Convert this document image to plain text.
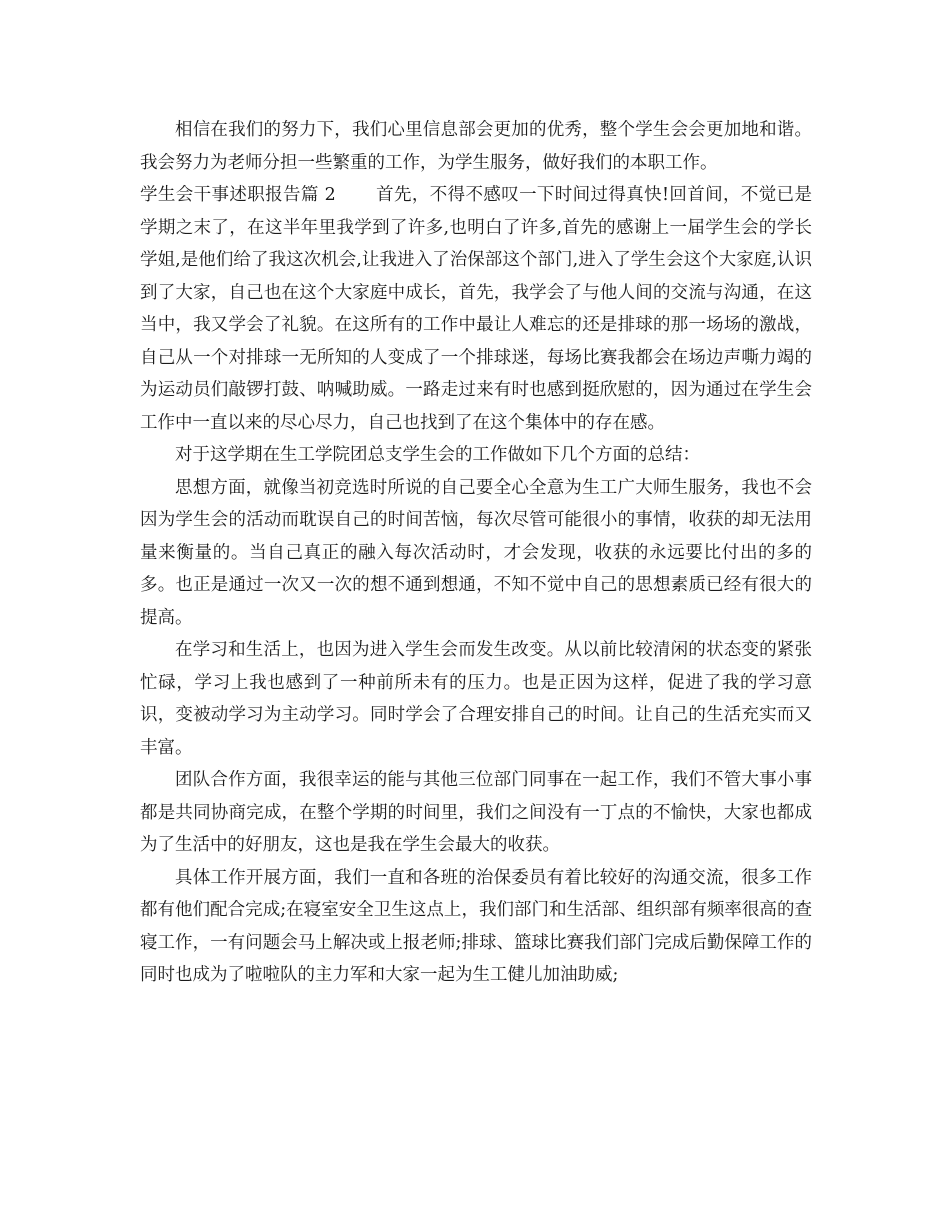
相信在我们的努力下，我们心里信息部会更加的优秀，整个学生会会更加地和谐。我会努力为老师分担一些繁重的工作，为学生服务，做好我们的本职工作。

学生会干事述职报告篇 2 首先，不得不感叹一下时间过得真快!回首间，不觉已是学期之末了，在这半年里我学到了许多,也明白了许多,首先的感谢上一届学生会的学长学姐,是他们给了我这次机会,让我进入了治保部这个部门,进入了学生会这个大家庭,认识到了大家，自己也在这个大家庭中成长，首先，我学会了与他人间的交流与沟通，在这当中，我又学会了礼貌。在这所有的工作中最让人难忘的还是排球的那一场场的激战，自己从一个对排球一无所知的人变成了一个排球迷，每场比赛我都会在场边声嘶力竭的为运动员们敲锣打鼓、呐喊助威。一路走过来有时也感到挺欣慰的，因为通过在学生会工作中一直以来的尽心尽力，自己也找到了在这个集体中的存在感。

对于这学期在生工学院团总支学生会的工作做如下几个方面的总结：

思想方面，就像当初竞选时所说的自己要全心全意为生工广大师生服务，我也不会因为学生会的活动而耽误自己的时间苦恼，每次尽管可能很小的事情，收获的却无法用量来衡量的。当自己真正的融入每次活动时，才会发现，收获的永远要比付出的多的多。也正是通过一次又一次的想不通到想通，不知不觉中自己的思想素质已经有很大的提高。

在学习和生活上，也因为进入学生会而发生改变。从以前比较清闲的状态变的紧张忙碌，学习上我也感到了一种前所未有的压力。也是正因为这样，促进了我的学习意识，变被动学习为主动学习。同时学会了合理安排自己的时间。让自己的生活充实而又丰富。

团队合作方面，我很幸运的能与其他三位部门同事在一起工作，我们不管大事小事都是共同协商完成，在整个学期的时间里，我们之间没有一丁点的不愉快，大家也都成为了生活中的好朋友，这也是我在学生会最大的收获。

具体工作开展方面，我们一直和各班的治保委员有着比较好的沟通交流，很多工作都有他们配合完成;在寝室安全卫生这点上，我们部门和生活部、组织部有频率很高的查寝工作，一有问题会马上解决或上报老师;排球、篮球比赛我们部门完成后勤保障工作的同时也成为了啦啦队的主力军和大家一起为生工健儿加油助威;
